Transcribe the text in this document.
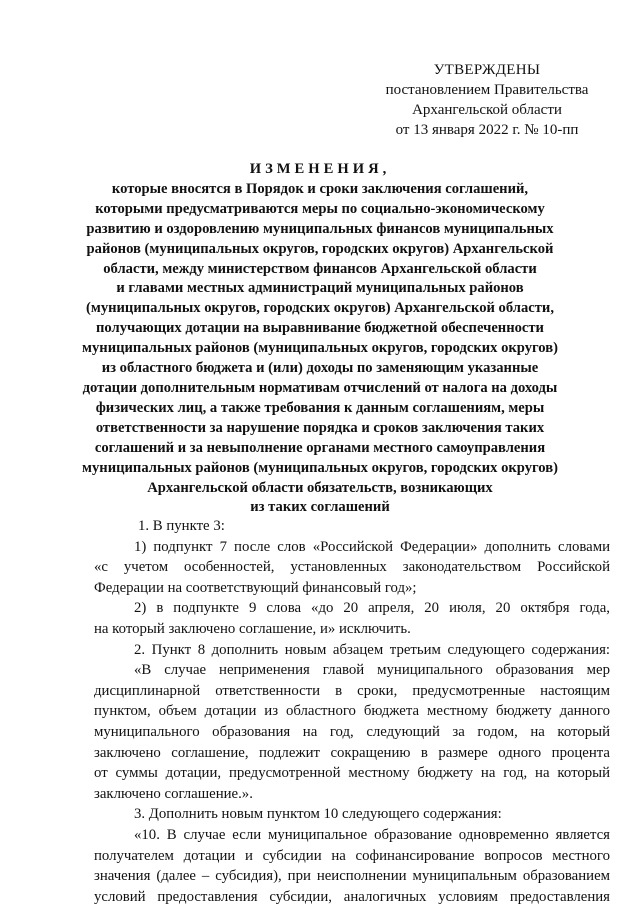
УТВЕРЖДЕНЫ
постановлением Правительства
Архангельской области
от 13 января 2022 г. № 10-пп
ИЗМЕНЕНИЯ,
которые вносятся в Порядок и сроки заключения соглашений,
которыми предусматриваются меры по социально-экономическому
развитию и оздоровлению муниципальных финансов муниципальных
районов (муниципальных округов, городских округов) Архангельской
области, между министерством финансов Архангельской области
и главами местных администраций муниципальных районов
(муниципальных округов, городских округов) Архангельской области,
получающих дотации на выравнивание бюджетной обеспеченности
муниципальных районов (муниципальных округов, городских округов)
из областного бюджета и (или) доходы по заменяющим указанные
дотации дополнительным нормативам отчислений от налога на доходы
физических лиц, а также требования к данным соглашениям, меры
ответственности за нарушение порядка и сроков заключения таких
соглашений и за невыполнение органами местного самоуправления
муниципальных районов (муниципальных округов, городских округов)
Архангельской области обязательств, возникающих
из таких соглашений
1. В пункте 3:
1) подпункт 7 после слов «Российской Федерации» дополнить словами
«с учетом особенностей, установленных законодательством Российской
Федерации на соответствующий финансовый год»;
2) в подпункте 9 слова «до 20 апреля, 20 июля, 20 октября года,
на который заключено соглашение, и» исключить.
2. Пункт 8 дополнить новым абзацем третьим следующего содержания:
«В случае неприменения главой муниципального образования мер
дисциплинарной ответственности в сроки, предусмотренные настоящим
пунктом, объем дотации из областного бюджета местному бюджету данного
муниципального образования на год, следующий за годом, на который
заключено соглашение, подлежит сокращению в размере одного процента
от суммы дотации, предусмотренной местному бюджету на год, на который
заключено соглашение.».
3. Дополнить новым пунктом 10 следующего содержания:
«10. В случае если муниципальное образование одновременно является
получателем дотации и субсидии на софинансирование вопросов местного
значения (далее – субсидия), при неисполнении муниципальным образованием
условий предоставления субсидии, аналогичных условиям предоставления
